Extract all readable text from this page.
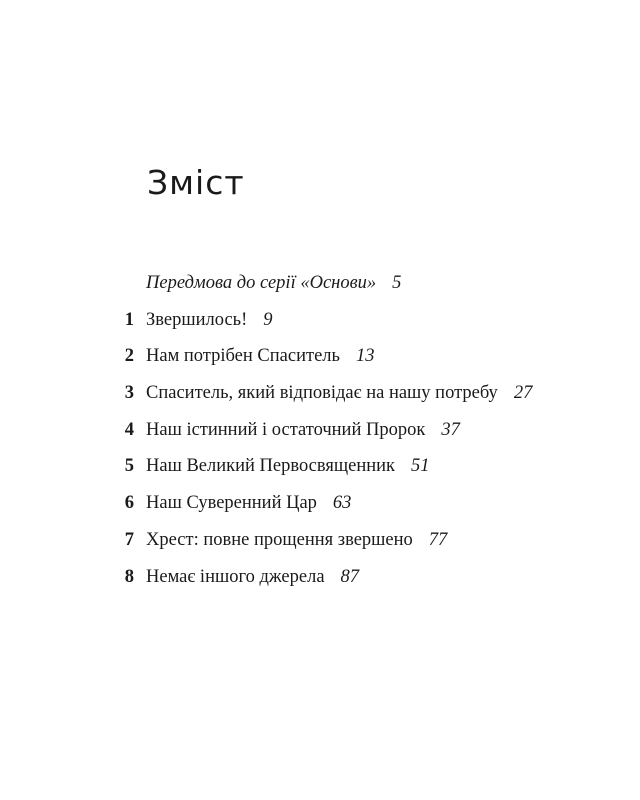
Зміст
Передмова до серії «Основи» 5
1 Звершилось! 9
2 Нам потрібен Спаситель 13
3 Спаситель, який відповідає на нашу потребу 27
4 Наш істинний і остаточний Пророк 37
5 Наш Великий Первосвященник 51
6 Наш Суверенний Цар 63
7 Хрест: повне прощення звершено 77
8 Немає іншого джерела 87
